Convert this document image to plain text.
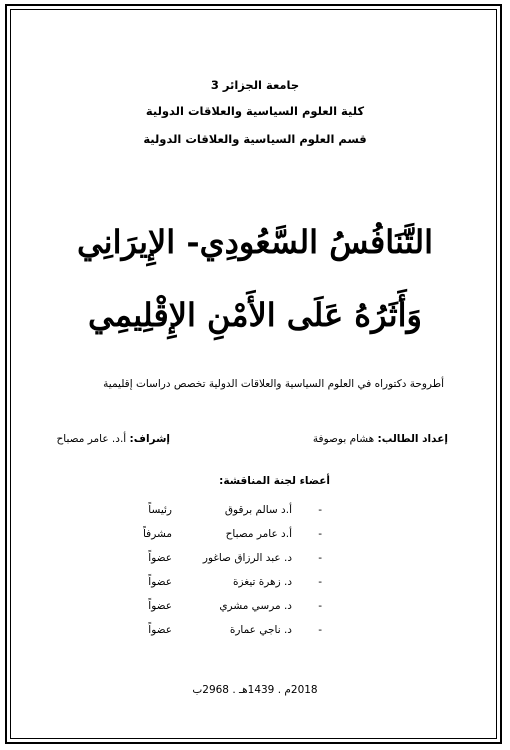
جامعة الجزائر 3
كلية العلوم السياسية والعلاقات الدولية
قسم العلوم السياسية والعلاقات الدولية
التَّنَافُسُ السَّعُودِي- الإِيرَانِي
وَأَثَرُهُ عَلَى الأَمْنِ الإِقْلِيمِي
أطروحة دكتوراه في العلوم السياسية والعلاقات الدولية تخصص دراسات إقليمية
إعداد الطالب: هشام بوصوفة
إشراف: أ.د. عامر مصباح
أعضاء لجنة المناقشة:
-
أ.د سالم برقوق
رئيساً
-
أ.د عامر مصباح
مشرفاً
-
د. عبد الرزاق صاغور
عضواً
-
د. زهرة تيغزة
عضواً
-
د. مرسي مشري
عضواً
-
د. ناجي عمارة
عضواً
2018م . 1439هـ . 2968ب
